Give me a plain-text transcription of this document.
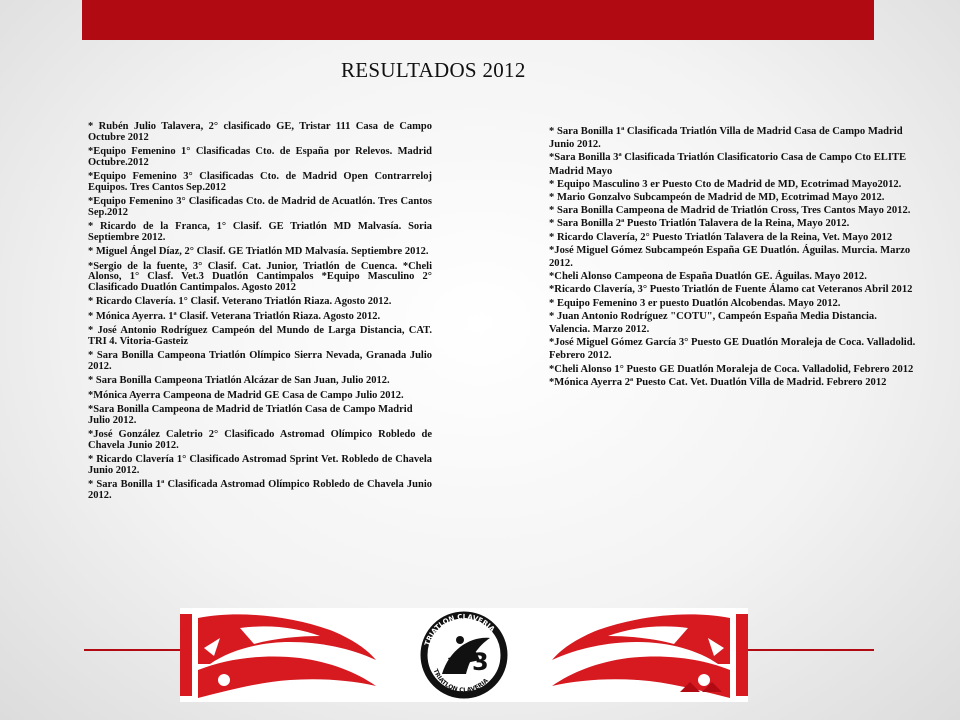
RESULTADOS 2012

* Rubén Julio Talavera, 2° clasificado GE, Tristar 111 Casa de Campo Octubre 2012

*Equipo Femenino 1° Clasificadas Cto. de España por Relevos. Madrid Octubre.2012

*Equipo Femenino 3° Clasificadas Cto. de Madrid Open Contrarreloj Equipos. Tres Cantos Sep.2012

*Equipo Femenino 3° Clasificadas Cto. de Madrid de Acuatlón. Tres Cantos Sep.2012

* Ricardo de la Franca, 1° Clasif. GE Triatlón MD Malvasía. Soria Septiembre 2012.

* Miguel Ángel Díaz, 2° Clasif. GE Triatlón MD Malvasía. Septiembre 2012.

*Sergio de la fuente, 3° Clasif. Cat. Junior, Triatlón de Cuenca. *Cheli Alonso, 1° Clasf. Vet.3 Duatlón Cantimpalos *Equipo Masculino 2° Clasificado Duatlón Cantimpalos. Agosto 2012

* Ricardo Clavería. 1° Clasif. Veterano Triatlón Riaza. Agosto 2012.

* Mónica Ayerra. 1ª Clasif. Veterana Triatlón Riaza. Agosto 2012.

* José Antonio Rodríguez Campeón del Mundo de Larga Distancia, CAT. TRI 4. Vitoria-Gasteiz

* Sara Bonilla Campeona Triatlón Olímpico Sierra Nevada, Granada Julio 2012.

* Sara Bonilla Campeona Triatlón Alcázar de San Juan, Julio 2012.

*Mónica Ayerra Campeona de Madrid GE Casa de Campo Julio 2012.

*Sara Bonilla Campeona de Madrid de Triatlón Casa de Campo Madrid Julio 2012.

*José González Caletrio 2° Clasificado Astromad Olímpico Robledo de Chavela Junio 2012.

* Ricardo Clavería 1° Clasificado Astromad Sprint Vet. Robledo de Chavela Junio 2012.

* Sara Bonilla 1ª Clasificada Astromad Olímpico Robledo de Chavela Junio 2012.

* Sara Bonilla 1ª Clasificada Triatlón Villa de Madrid Casa de Campo Madrid Junio 2012.

*Sara Bonilla 3ª Clasificada Triatlón Clasificatorio Casa de Campo Cto ELITE Madrid Mayo

* Equipo Masculino 3 er Puesto Cto de Madrid de MD, Ecotrimad Mayo2012.

* Mario Gonzalvo Subcampeón de Madrid de MD, Ecotrimad Mayo 2012.

* Sara Bonilla Campeona de Madrid de Triatlón Cross, Tres Cantos Mayo 2012.

* Sara Bonilla 2ª Puesto Triatlón Talavera de la Reina, Mayo 2012.

* Ricardo Clavería, 2° Puesto Triatlón Talavera de la Reina, Vet. Mayo 2012

*José Miguel Gómez Subcampeón España GE Duatlón. Águilas. Murcia. Marzo 2012.

*Cheli Alonso Campeona de España Duatlón GE. Águilas. Mayo 2012.

*Ricardo Clavería, 3° Puesto Triatlón de Fuente Álamo cat Veteranos Abril 2012

* Equipo Femenino 3 er puesto Duatlón Alcobendas. Mayo 2012.

* Juan Antonio Rodríguez "COTU", Campeón España Media Distancia. Valencia. Marzo 2012.

*José Miguel Gómez García 3° Puesto GE Duatlón Moraleja de Coca. Valladolid. Febrero 2012.

*Cheli Alonso 1° Puesto GE Duatlón Moraleja de Coca. Valladolid, Febrero 2012

*Mónica Ayerra 2ª Puesto Cat. Vet. Duatlón Villa de Madrid. Febrero 2012

3
TRIATLON CLAVERIA
TRIATLON CLAVERIA
